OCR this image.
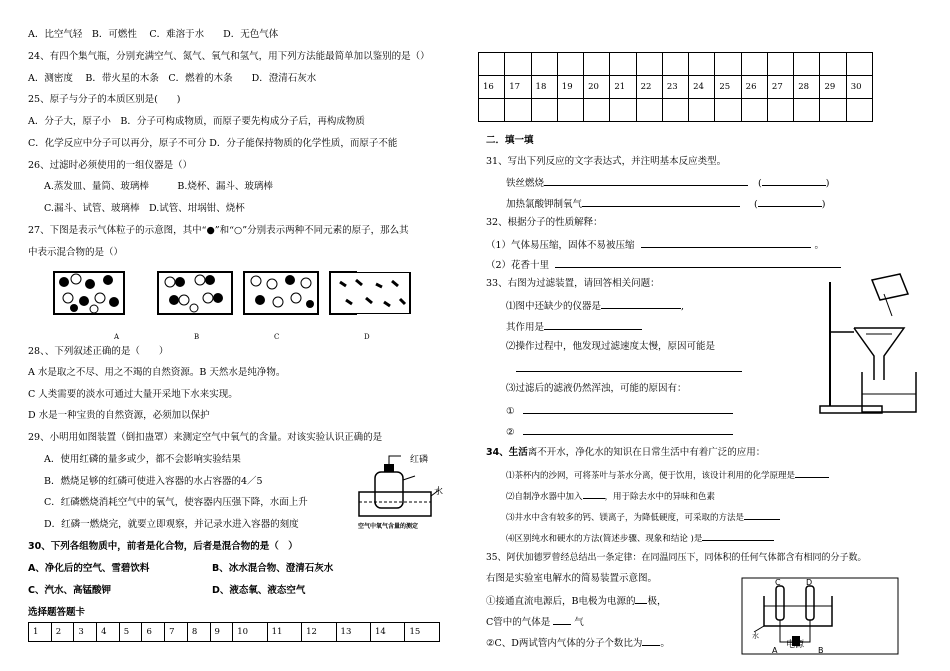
A．比空气轻　B．可燃性　 C．难溶于水　　D．无色气体
24、有四个集气瓶，分别充满空气、氮气、氧气和氢气，用下列方法能最简单加以鉴别的是（）
A．测密度　 B．带火星的木条　C．燃着的木条　　D．澄清石灰水
25、原子与分子的本质区别是(　　)
A．分子大，原子小　B．分子可构成物质，而原子要先构成分子后，再构成物质
C．化学反应中分子可以再分，原子不可分 D．分子能保持物质的化学性质，而原子不能
26、过滤时必须使用的一组仪器是（）
A.蒸发皿、量筒、玻璃棒　　　B.烧杯、漏斗、玻璃棒
C.漏斗、试管、玻璃棒　D.试管、坩埚钳、烧杯
27、下图是表示气体粒子的示意图，其中“●”和“○”分别表示两种不同元素的原子，那么其
中表示混合物的是（）
A	B	C	D
28、、下列叙述正确的是（　　）
A 水是取之不尽、用之不竭的自然资源。B 天然水是纯净物。
C 人类需要的淡水可通过大量开采地下水来实现。
D 水是一种宝贵的自然资源，必须加以保护
29、小明用如图装置（倒扣蛊罩）来测定空气中氧气的含量。对该实验认识正确的是
A．使用红磷的量多或少，都不会影响实验结果
B．燃烧足够的红磷可使进入容器的水占容器的4／5
C．红磷燃烧消耗空气中的氧气，使容器内压强下降，水面上升
D．红磷一燃烧完，就要立即观察，并记录水进入容器的刻度
红磷
水
空气中氧气含量的测定
30、下列各组物质中，前者是化合物，后者是混合物的是（　）
A、净化后的空气、雪碧饮料	B、冰水混合物、澄清石灰水
C、汽水、高锰酸钾	D、液态氧、液态空气
选择题答题卡
1	2	3	4	5	6	7	8	9	10	11	12	13	14	15

16	17	18	19	20	21	22	23	24	25	26	27	28	29	30

二．填一填
31、写出下列反应的文字表达式，并注明基本反应类型。
铁丝燃烧	(	)
加热氯酸钾制氧气	(	)
32、根据分子的性质解释：
（1）气体易压缩，固体不易被压缩	。
（2）花香十里
33、右图为过滤装置，请回答相关问题：
⑴图中还缺少的仪器是	,
其作用是
⑵操作过程中，他发现过滤速度太慢，原因可能是
⑶过滤后的滤液仍然浑浊，可能的原因有：
①
②
34、生活离不开水，净化水的知识在日常生活中有着广泛的应用：
⑴茶杯内的沙网，可将茶叶与茶水分离，便于饮用，该设计利用的化学原理是
⑵自制净水器中加入	，用于除去水中的异味和色素
⑶井水中含有较多的钙、镁离子，为降低硬度，可采取的方法是
⑷区别纯水和硬水的方法(简述步骤、现象和结论 )是
35、阿伏加德罗曾经总结出一条定律：在同温同压下，同体积的任何气体都含有相同的分子数。
右图是实验室电解水的简易装置示意图。
①接通直流电源后，B电极为电源的 极，
C管中的气体是	气
②C、D两试管内气体的分子个数比为 。
C	D
水
电源
A	B
